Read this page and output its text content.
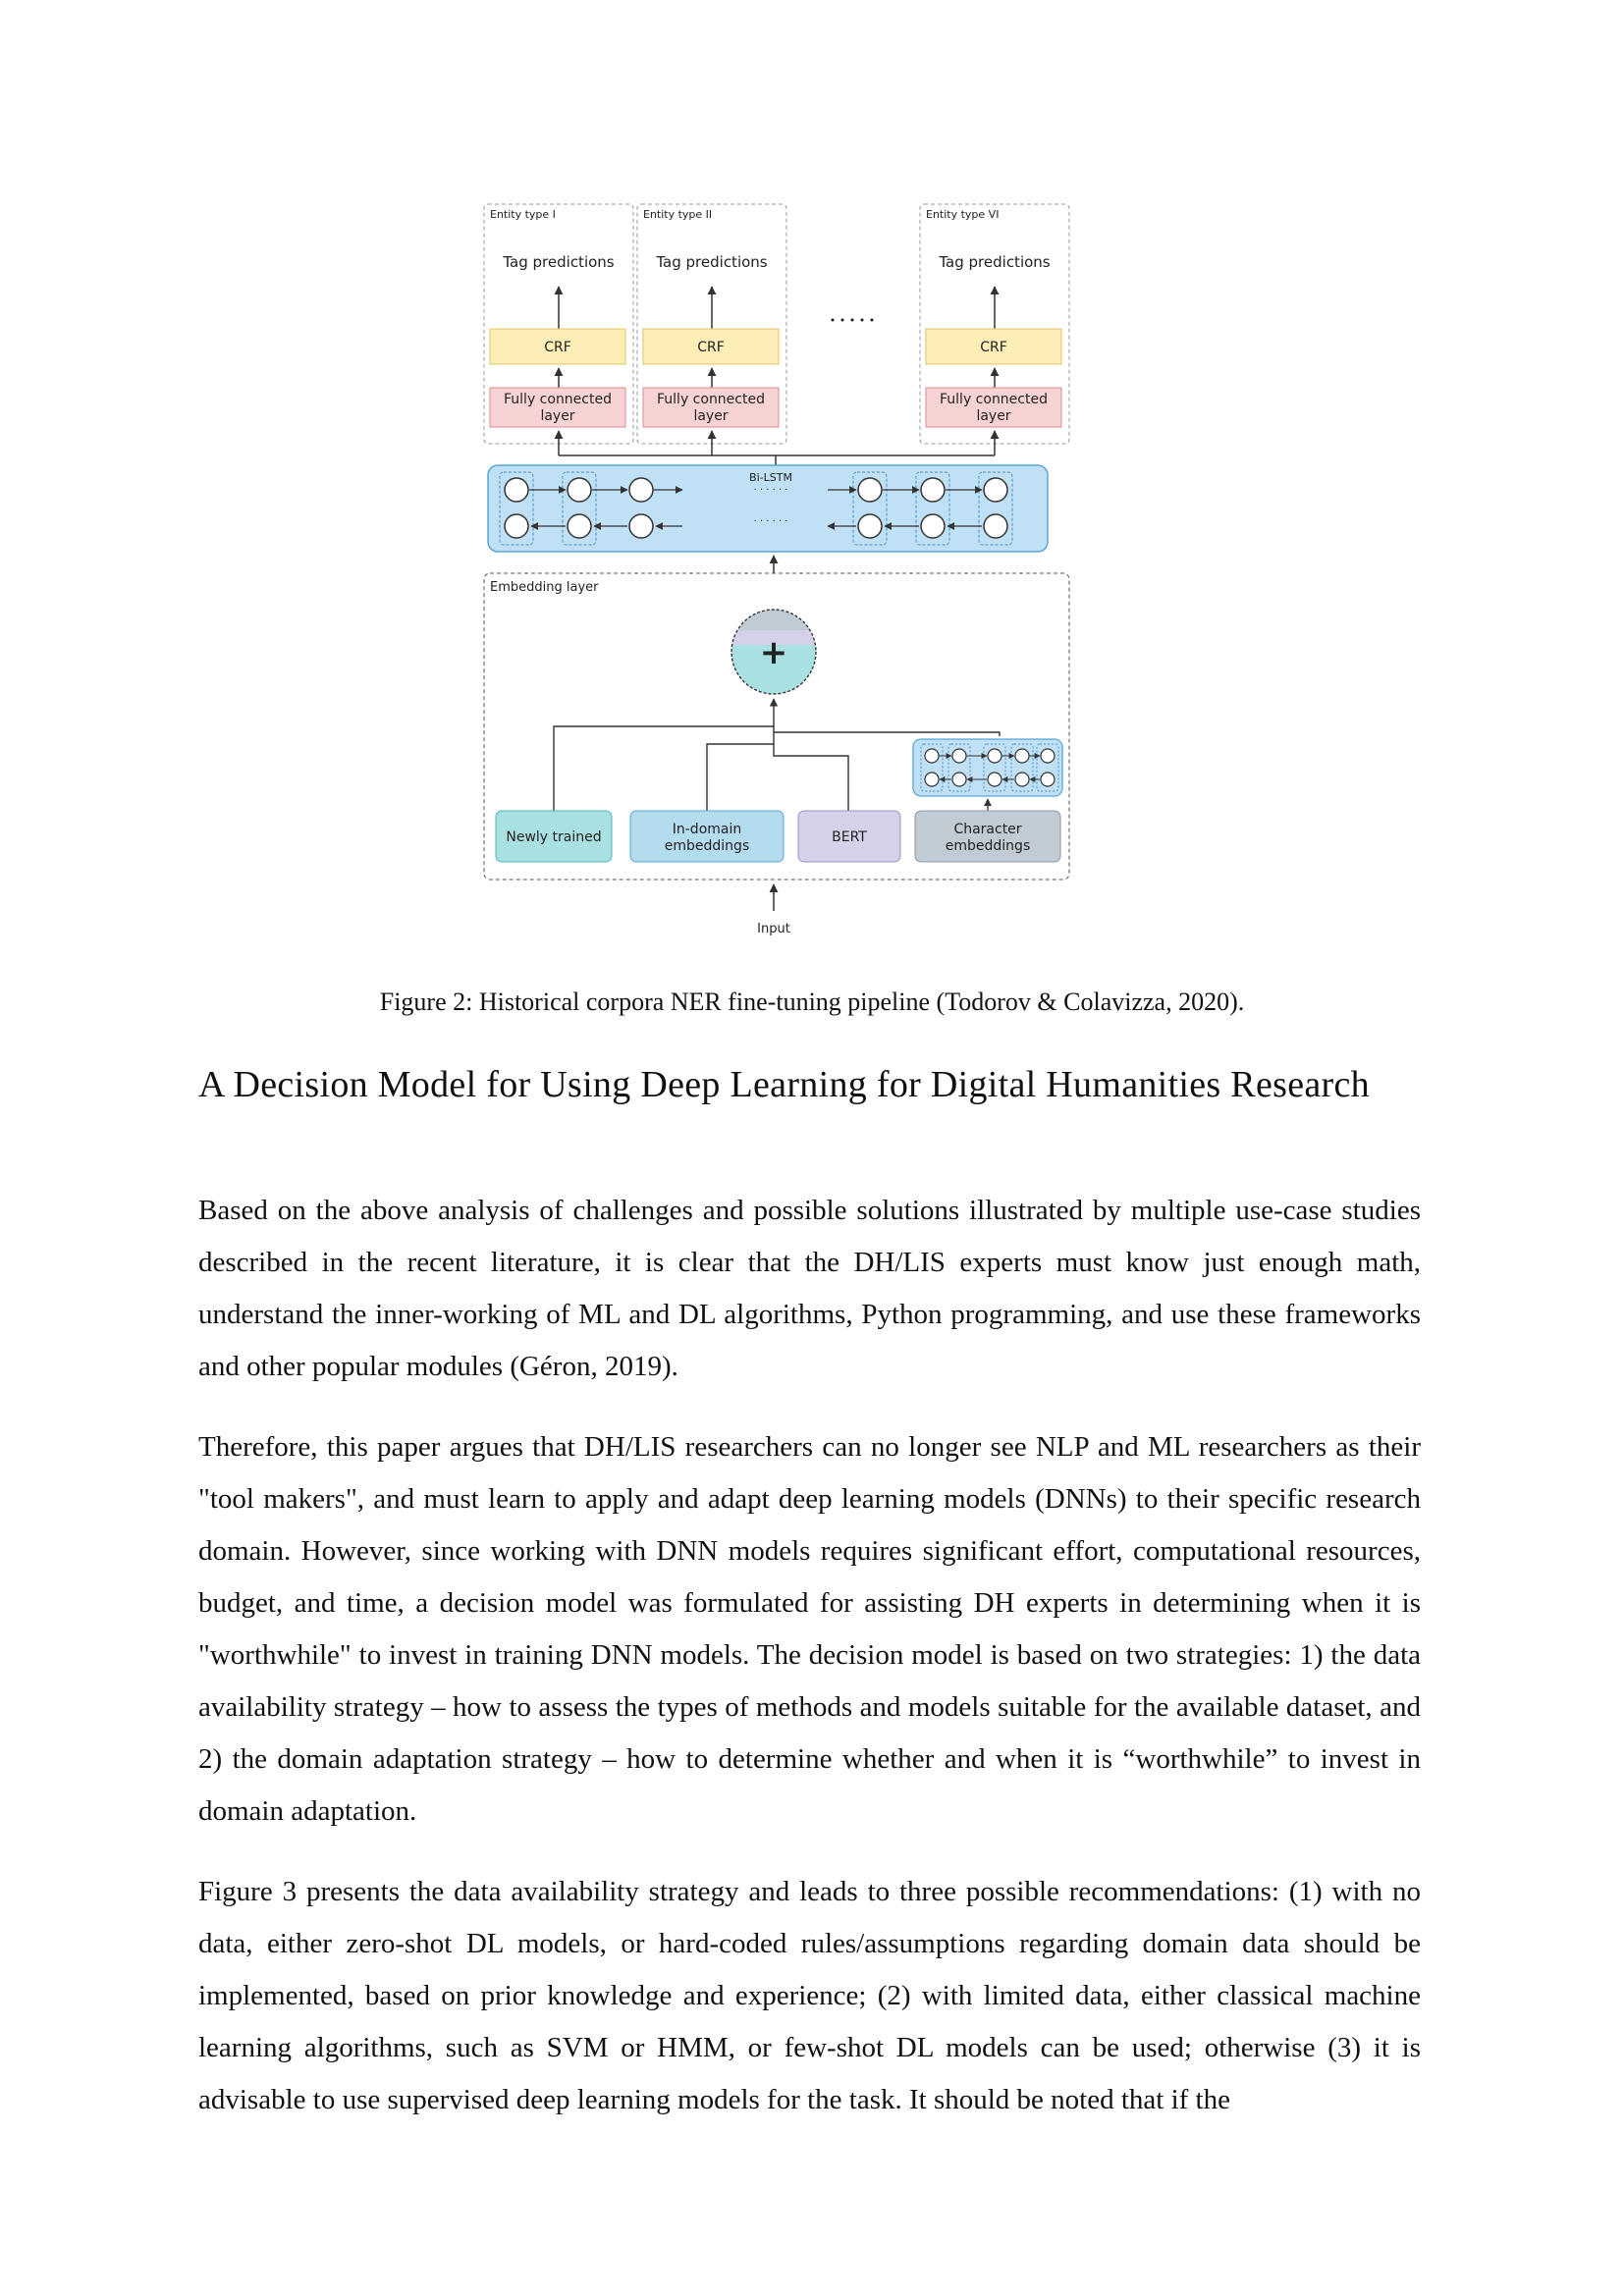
Entity type I
Tag predictions
CRF
Fully connected
layer
Entity type II
Tag predictions
CRF
Fully connected
layer
• • • • •
Entity type VI
Tag predictions
CRF
Fully connected
layer
Bi-LSTM
· · · · · ·
· · · · · ·
Embedding layer
+
Newly trained	In-domain
embeddings
BERT	Character
embeddings
Input
Figure 2: Historical corpora NER fine-tuning pipeline (Todorov & Colavizza, 2020).
A Decision Model for Using Deep Learning for Digital Humanities Research

Based on the above analysis of challenges and possible solutions illustrated by multiple use-case studies described in the recent literature, it is clear that the DH/LIS experts must know just enough math, understand the inner-working of ML and DL algorithms, Python programming, and use these frameworks and other popular modules (Géron, 2019).

Therefore, this paper argues that DH/LIS researchers can no longer see NLP and ML researchers as their "tool makers", and must learn to apply and adapt deep learning models (DNNs) to their specific research domain. However, since working with DNN models requires significant effort, computational resources, budget, and time, a decision model was formulated for assisting DH experts in determining when it is "worthwhile" to invest in training DNN models. The decision model is based on two strategies: 1) the data availability strategy – how to assess the types of methods and models suitable for the available dataset, and 2) the domain adaptation strategy – how to determine whether and when it is “worthwhile” to invest in domain adaptation.

Figure 3 presents the data availability strategy and leads to three possible recommendations: (1) with no data, either zero-shot DL models, or hard-coded rules/assumptions regarding domain data should be implemented, based on prior knowledge and experience; (2) with limited data, either classical machine learning algorithms, such as SVM or HMM, or few-shot DL models can be used; otherwise (3) it is advisable to use supervised deep learning models for the task. It should be noted that if the
